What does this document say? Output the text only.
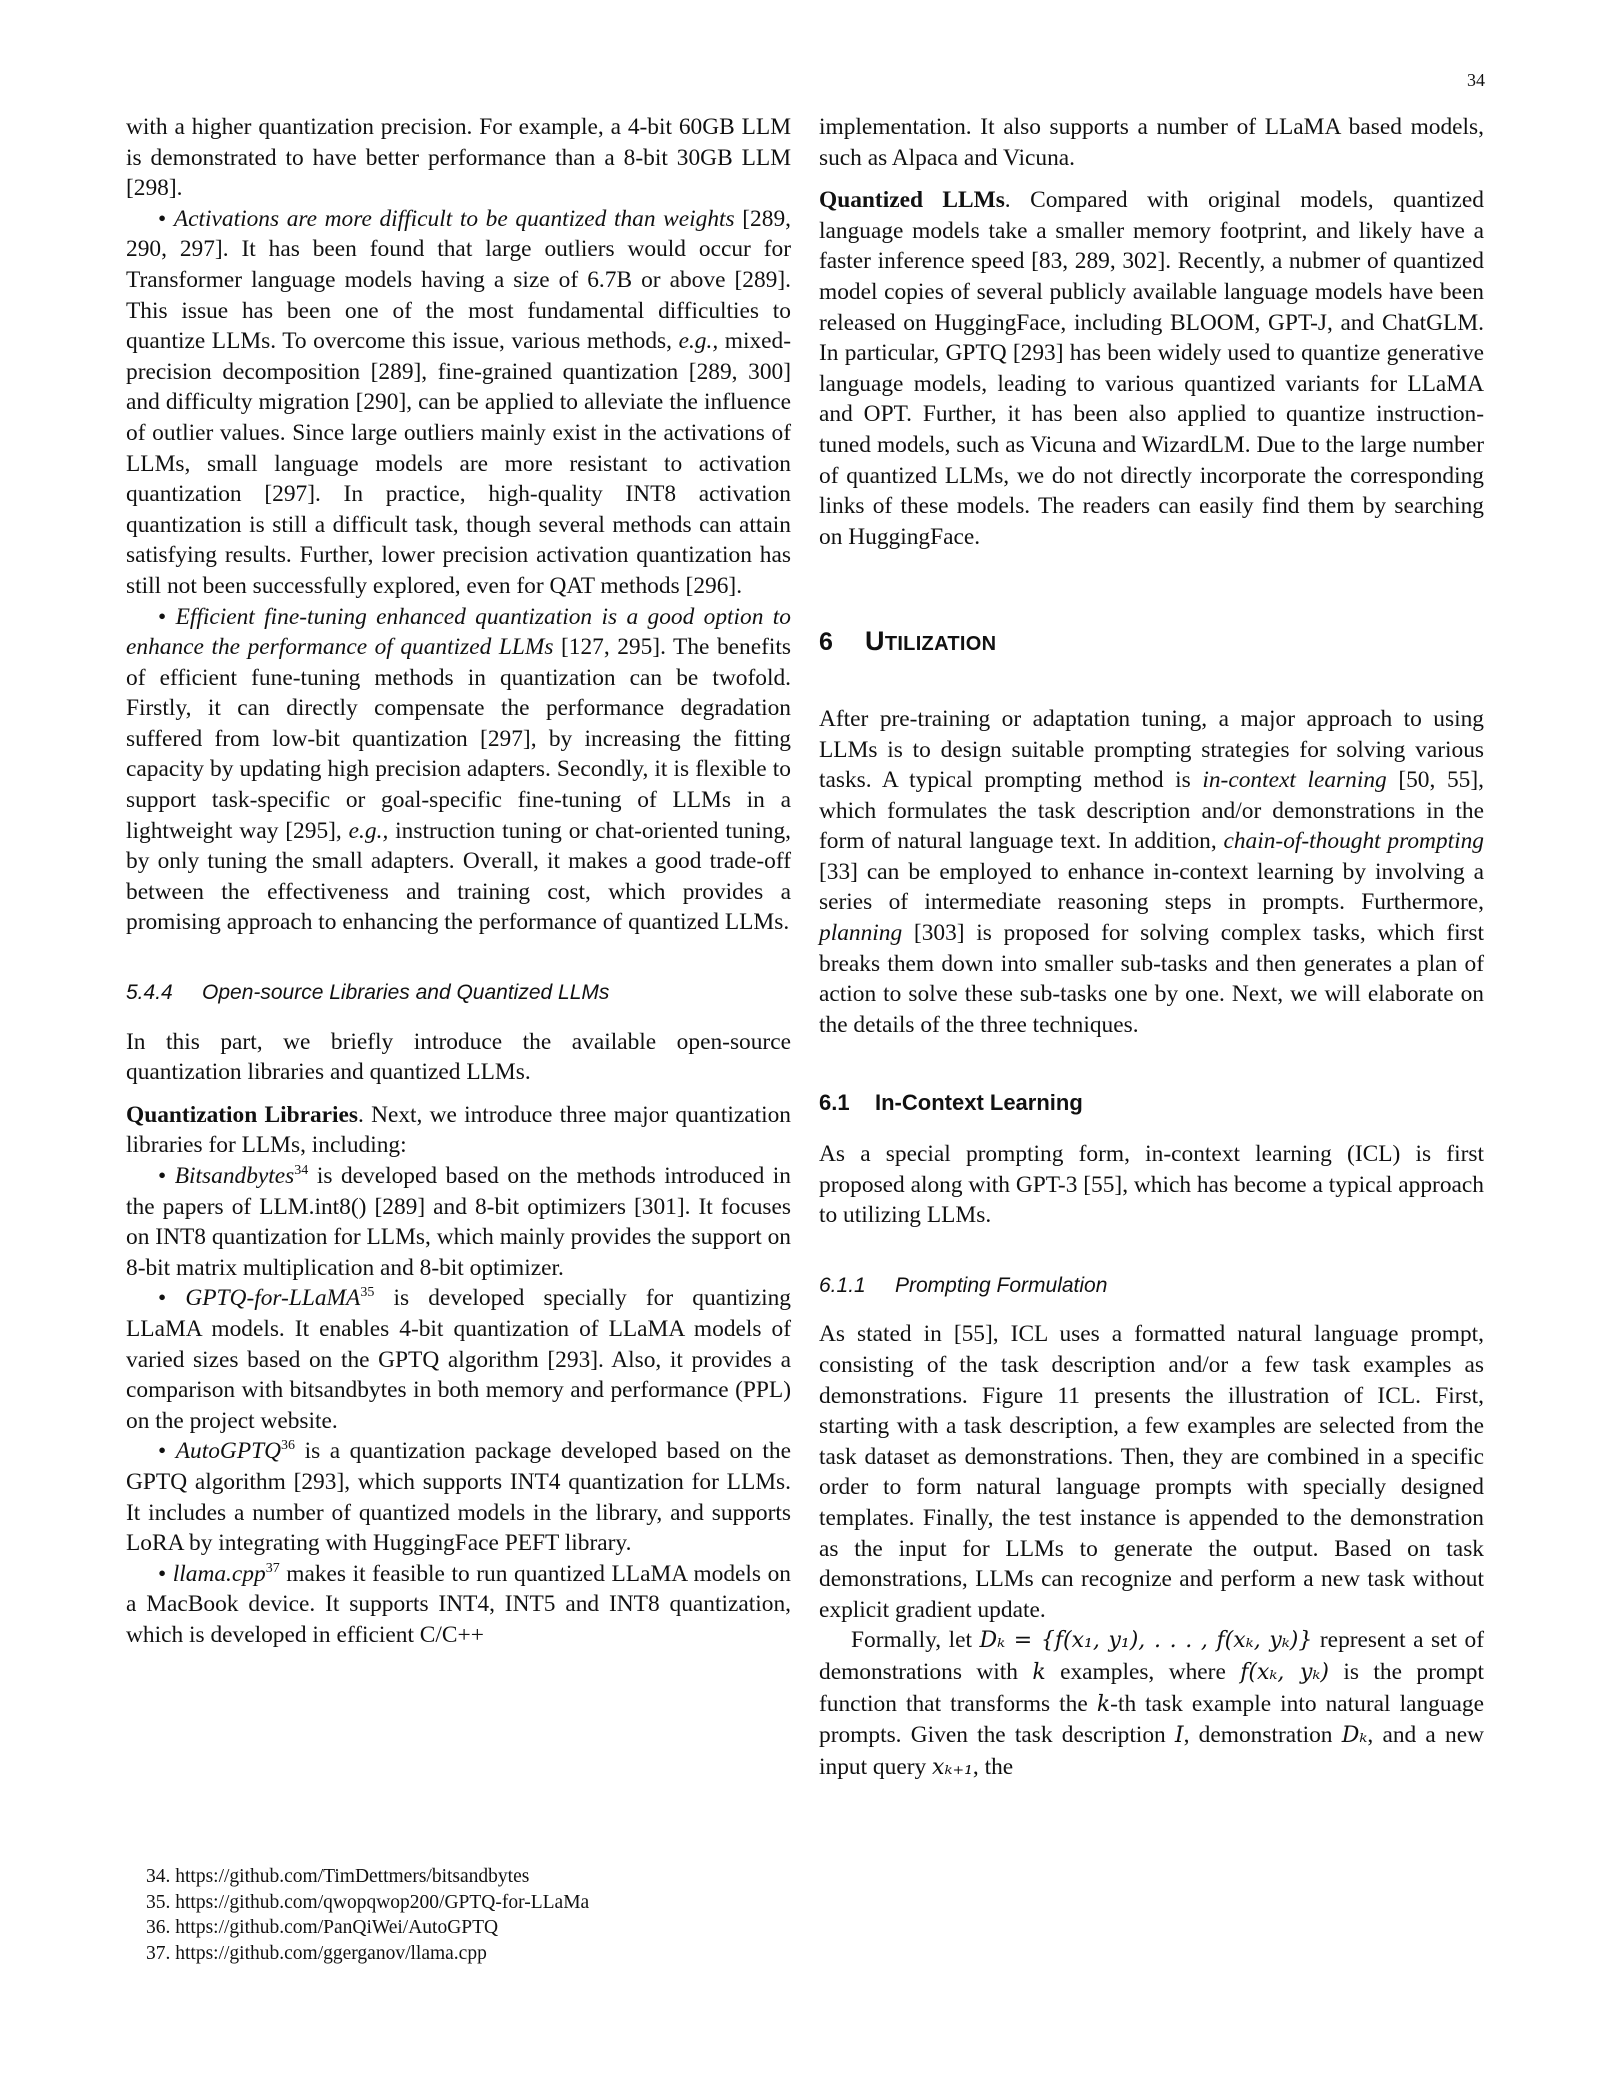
34

with a higher quantization precision. For example, a 4-bit 60GB LLM is demonstrated to have better performance than a 8-bit 30GB LLM [298].

• Activations are more difficult to be quantized than weights [289, 290, 297]. It has been found that large outliers would occur for Transformer language models having a size of 6.7B or above [289]. This issue has been one of the most fundamental difficulties to quantize LLMs. To overcome this issue, various methods, e.g., mixed-precision decomposition [289], fine-grained quantization [289, 300] and difficulty migration [290], can be applied to alleviate the influence of outlier values. Since large outliers mainly exist in the activations of LLMs, small language models are more resistant to activation quantization [297]. In practice, high-quality INT8 activation quantization is still a difficult task, though several methods can attain satisfying results. Further, lower precision activation quantization has still not been successfully explored, even for QAT methods [296].

• Efficient fine-tuning enhanced quantization is a good option to enhance the performance of quantized LLMs [127, 295]. The benefits of efficient fune-tuning methods in quantization can be twofold. Firstly, it can directly compensate the performance degradation suffered from low-bit quantization [297], by increasing the fitting capacity by updating high precision adapters. Secondly, it is flexible to support task-specific or goal-specific fine-tuning of LLMs in a lightweight way [295], e.g., instruction tuning or chat-oriented tuning, by only tuning the small adapters. Overall, it makes a good trade-off between the effectiveness and training cost, which provides a promising approach to enhancing the performance of quantized LLMs.

5.4.4 Open-source Libraries and Quantized LLMs

In this part, we briefly introduce the available open-source quantization libraries and quantized LLMs.

Quantization Libraries. Next, we introduce three major quantization libraries for LLMs, including:

• Bitsandbytes$^{34}$ is developed based on the methods introduced in the papers of LLM.int8() [289] and 8-bit optimizers [301]. It focuses on INT8 quantization for LLMs, which mainly provides the support on 8-bit matrix multiplication and 8-bit optimizer.

• GPTQ-for-LLaMA$^{35}$ is developed specially for quantizing LLaMA models. It enables 4-bit quantization of LLaMA models of varied sizes based on the GPTQ algorithm [293]. Also, it provides a comparison with bitsandbytes in both memory and performance (PPL) on the project website.

• AutoGPTQ$^{36}$ is a quantization package developed based on the GPTQ algorithm [293], which supports INT4 quantization for LLMs. It includes a number of quantized models in the library, and supports LoRA by integrating with HuggingFace PEFT library.

• llama.cpp$^{37}$ makes it feasible to run quantized LLaMA models on a MacBook device. It supports INT4, INT5 and INT8 quantization, which is developed in efficient C/C++

34. https://github.com/TimDettmers/bitsandbytes
35. https://github.com/qwopqwop200/GPTQ-for-LLaMa
36. https://github.com/PanQiWei/AutoGPTQ
37. https://github.com/ggerganov/llama.cpp

implementation. It also supports a number of LLaMA based models, such as Alpaca and Vicuna.

Quantized LLMs. Compared with original models, quantized language models take a smaller memory footprint, and likely have a faster inference speed [83, 289, 302]. Recently, a nubmer of quantized model copies of several publicly available language models have been released on HuggingFace, including BLOOM, GPT-J, and ChatGLM. In particular, GPTQ [293] has been widely used to quantize generative language models, leading to various quantized variants for LLaMA and OPT. Further, it has been also applied to quantize instruction-tuned models, such as Vicuna and WizardLM. Due to the large number of quantized LLMs, we do not directly incorporate the corresponding links of these models. The readers can easily find them by searching on HuggingFace.

6 UTILIZATION

After pre-training or adaptation tuning, a major approach to using LLMs is to design suitable prompting strategies for solving various tasks. A typical prompting method is in-context learning [50, 55], which formulates the task description and/or demonstrations in the form of natural language text. In addition, chain-of-thought prompting [33] can be employed to enhance in-context learning by involving a series of intermediate reasoning steps in prompts. Furthermore, planning [303] is proposed for solving complex tasks, which first breaks them down into smaller sub-tasks and then generates a plan of action to solve these sub-tasks one by one. Next, we will elaborate on the details of the three techniques.

6.1 In-Context Learning

As a special prompting form, in-context learning (ICL) is first proposed along with GPT-3 [55], which has become a typical approach to utilizing LLMs.

6.1.1 Prompting Formulation

As stated in [55], ICL uses a formatted natural language prompt, consisting of the task description and/or a few task examples as demonstrations. Figure 11 presents the illustration of ICL. First, starting with a task description, a few examples are selected from the task dataset as demonstrations. Then, they are combined in a specific order to form natural language prompts with specially designed templates. Finally, the test instance is appended to the demonstration as the input for LLMs to generate the output. Based on task demonstrations, LLMs can recognize and perform a new task without explicit gradient update.

Formally, let Dₖ = {f(x₁, y₁), . . . , f(xₖ, yₖ)} represent a set of demonstrations with k examples, where f(xₖ, yₖ) is the prompt function that transforms the k-th task example into natural language prompts. Given the task description I, demonstration Dₖ, and a new input query xₖ₊₁, the
